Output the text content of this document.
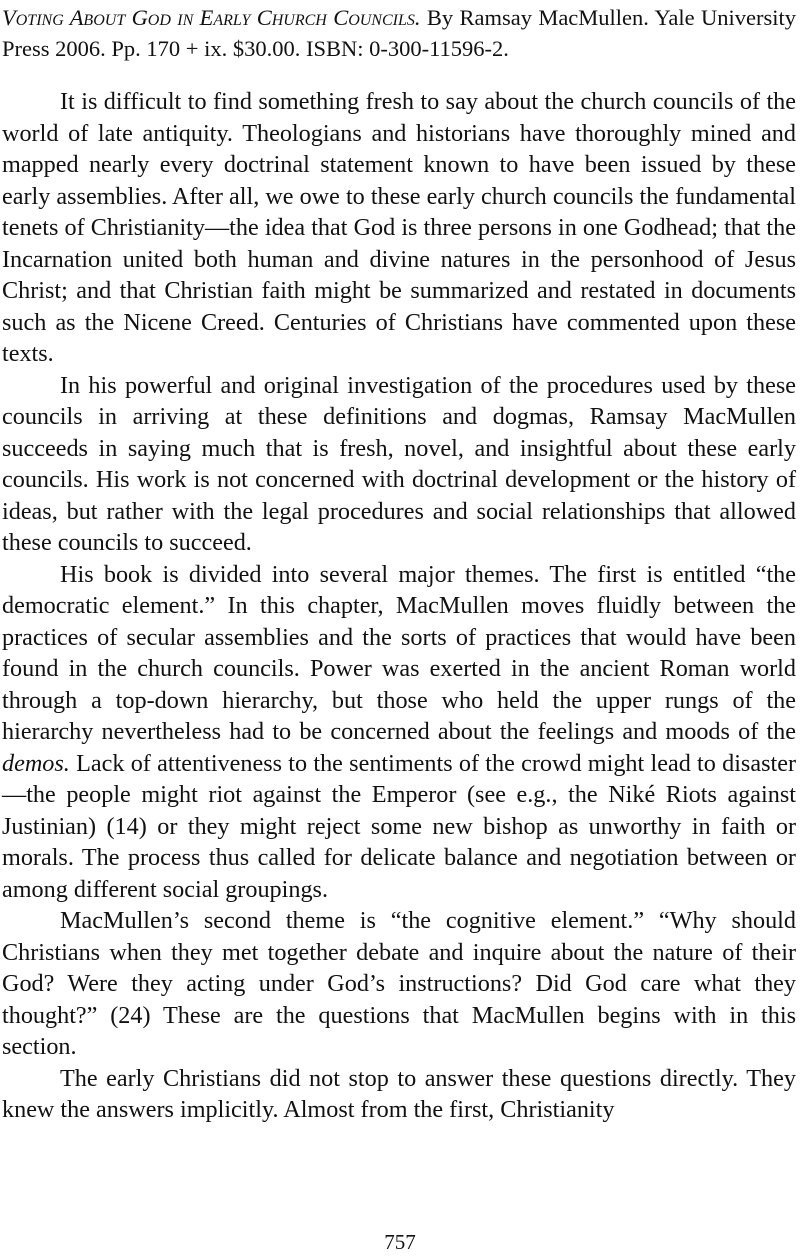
Voting About God in Early Church Councils. By Ramsay MacMullen. Yale University Press 2006. Pp. 170 + ix. $30.00. ISBN: 0-300-11596-2.

It is difficult to find something fresh to say about the church councils of the world of late antiquity. Theologians and historians have thoroughly mined and mapped nearly every doctrinal statement known to have been issued by these early assemblies. After all, we owe to these early church councils the fundamental tenets of Christianity—the idea that God is three persons in one Godhead; that the Incarnation united both human and divine natures in the personhood of Jesus Christ; and that Christian faith might be summarized and restated in documents such as the Nicene Creed. Centuries of Christians have commented upon these texts.

In his powerful and original investigation of the procedures used by these councils in arriving at these definitions and dogmas, Ramsay MacMullen succeeds in saying much that is fresh, novel, and insightful about these early councils. His work is not concerned with doctrinal development or the history of ideas, but rather with the legal procedures and social relationships that allowed these councils to succeed.

His book is divided into several major themes. The first is entitled “the democratic element.” In this chapter, MacMullen moves fluidly between the practices of secular assemblies and the sorts of practices that would have been found in the church councils. Power was exerted in the ancient Roman world through a top-down hierarchy, but those who held the upper rungs of the hierarchy nevertheless had to be concerned about the feelings and moods of the demos. Lack of attentiveness to the sentiments of the crowd might lead to disaster—the people might riot against the Emperor (see e.g., the Niké Riots against Justinian) (14) or they might reject some new bishop as unworthy in faith or morals. The process thus called for delicate balance and negotiation between or among different social groupings.

MacMullen’s second theme is “the cognitive element.” “Why should Christians when they met together debate and inquire about the nature of their God? Were they acting under God’s instructions? Did God care what they thought?” (24) These are the questions that MacMullen begins with in this section.

The early Christians did not stop to answer these questions directly. They knew the answers implicitly. Almost from the first, Christianity

757
